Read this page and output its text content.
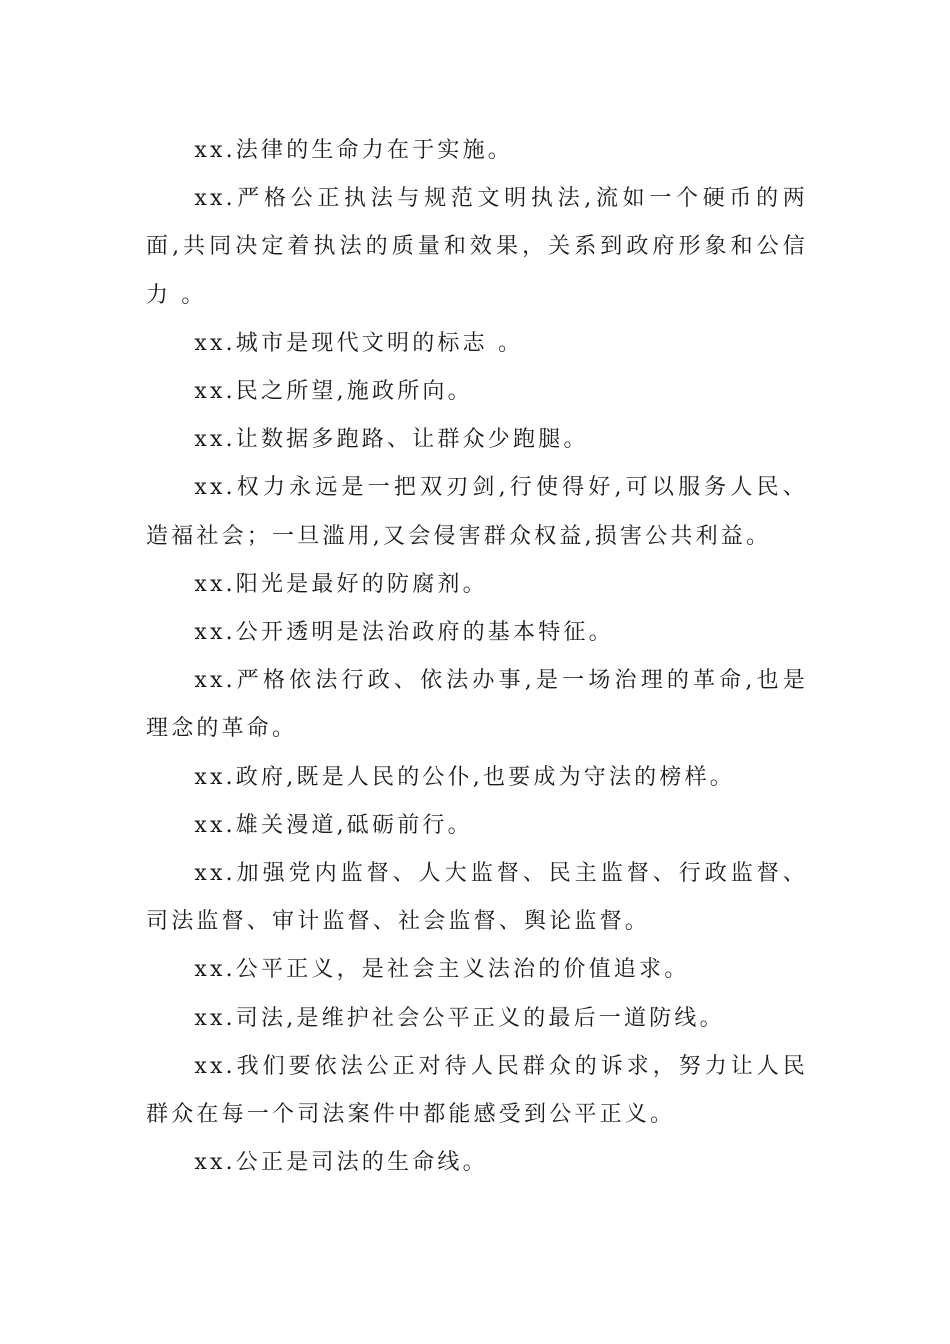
xx.法律的生命力在于实施。

xx.严格公正执法与规范文明执法,流如一个硬币的两面,共同决定着执法的质量和效果，关系到政府形象和公信力 。

xx.城市是现代文明的标志 。

xx.民之所望,施政所向。

xx.让数据多跑路、让群众少跑腿。

xx.权力永远是一把双刃剑,行使得好,可以服务人民、造福社会；一旦滥用,又会侵害群众权益,损害公共利益。

xx.阳光是最好的防腐剂。

xx.公开透明是法治政府的基本特征。

xx.严格依法行政、依法办事,是一场治理的革命,也是理念的革命。

xx.政府,既是人民的公仆,也要成为守法的榜样。

xx.雄关漫道,砥砺前行。

xx.加强党内监督、人大监督、民主监督、行政监督、司法监督、审计监督、社会监督、舆论监督。

xx.公平正义，是社会主义法治的价值追求。

xx.司法,是维护社会公平正义的最后一道防线。

xx.我们要依法公正对待人民群众的诉求，努力让人民群众在每一个司法案件中都能感受到公平正义。

xx.公正是司法的生命线。
